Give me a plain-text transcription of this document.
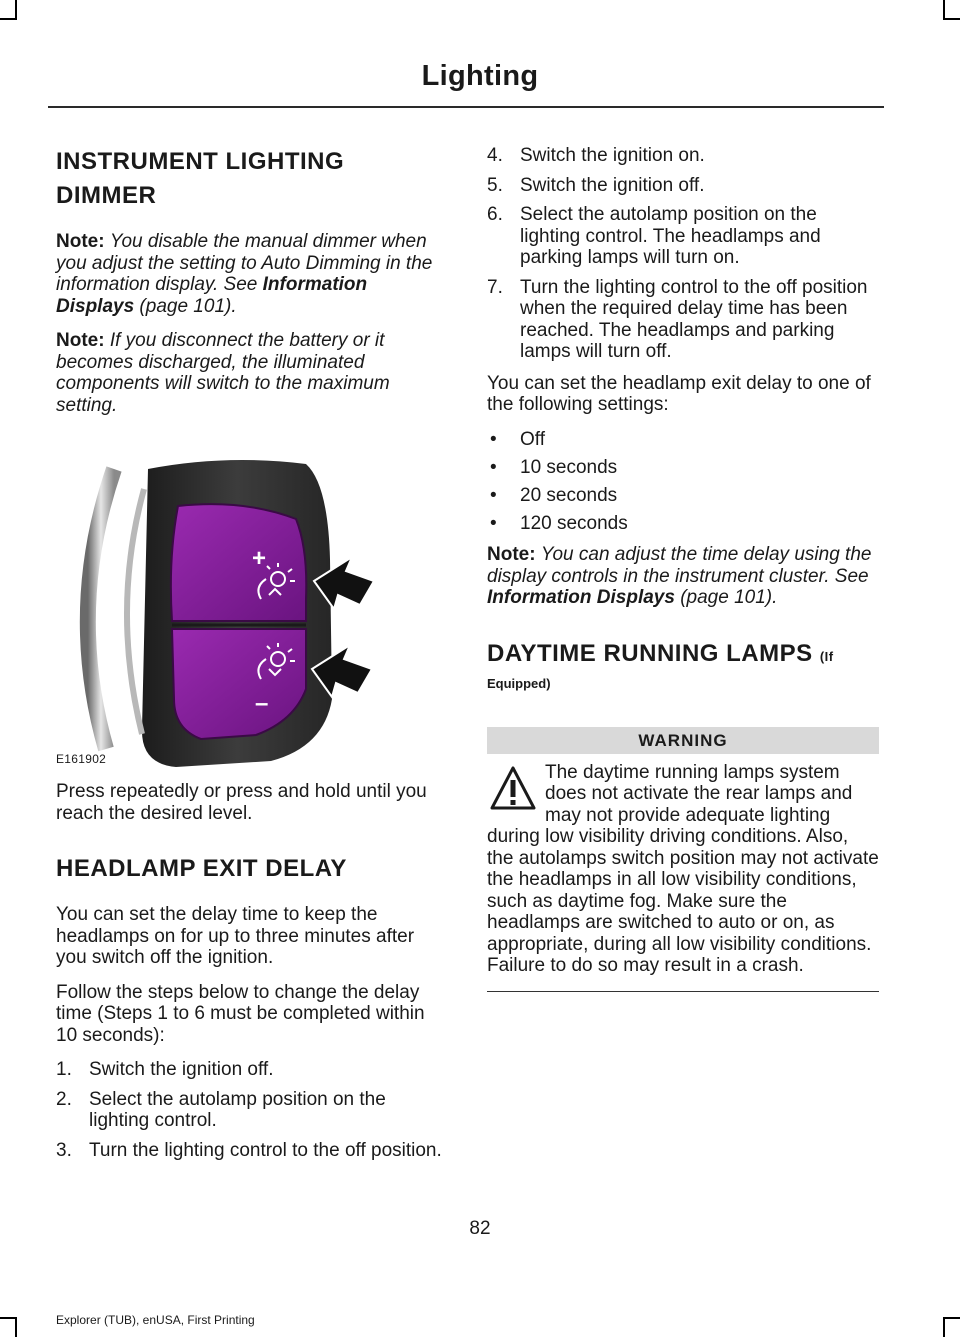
Lighting
INSTRUMENT LIGHTING
DIMMER

Note: You disable the manual dimmer when you adjust the setting to Auto Dimming in the information display. See Information Displays (page 101).

Note: If you disconnect the battery or it becomes discharged, the illuminated components will switch to the maximum setting.

+
–
E161902

Press repeatedly or press and hold until you reach the desired level.

HEADLAMP EXIT DELAY

You can set the delay time to keep the headlamps on for up to three minutes after you switch off the ignition.

Follow the steps below to change the delay time (Steps 1 to 6 must be completed within 10 seconds):

1. Switch the ignition off.
2. Select the autolamp position on the lighting control.
3. Turn the lighting control to the off position.
4. Switch the ignition on.
5. Switch the ignition off.
6. Select the autolamp position on the lighting control. The headlamps and parking lamps will turn on.
7. Turn the lighting control to the off position when the required delay time has been reached. The headlamps and parking lamps will turn off.

You can set the headlamp exit delay to one of the following settings:

• Off
• 10 seconds
• 20 seconds
• 120 seconds

Note: You can adjust the time delay using the display controls in the instrument cluster. See Information Displays (page 101).

DAYTIME RUNNING LAMPS (If
Equipped)
WARNING
The daytime running lamps system does not activate the rear lamps and may not provide adequate lighting during low visibility driving conditions. Also, the autolamps switch position may not activate the headlamps in all low visibility conditions, such as daytime fog. Make sure the headlamps are switched to auto or on, as appropriate, during all low visibility conditions. Failure to do so may result in a crash.
82
Explorer (TUB), enUSA, First Printing
